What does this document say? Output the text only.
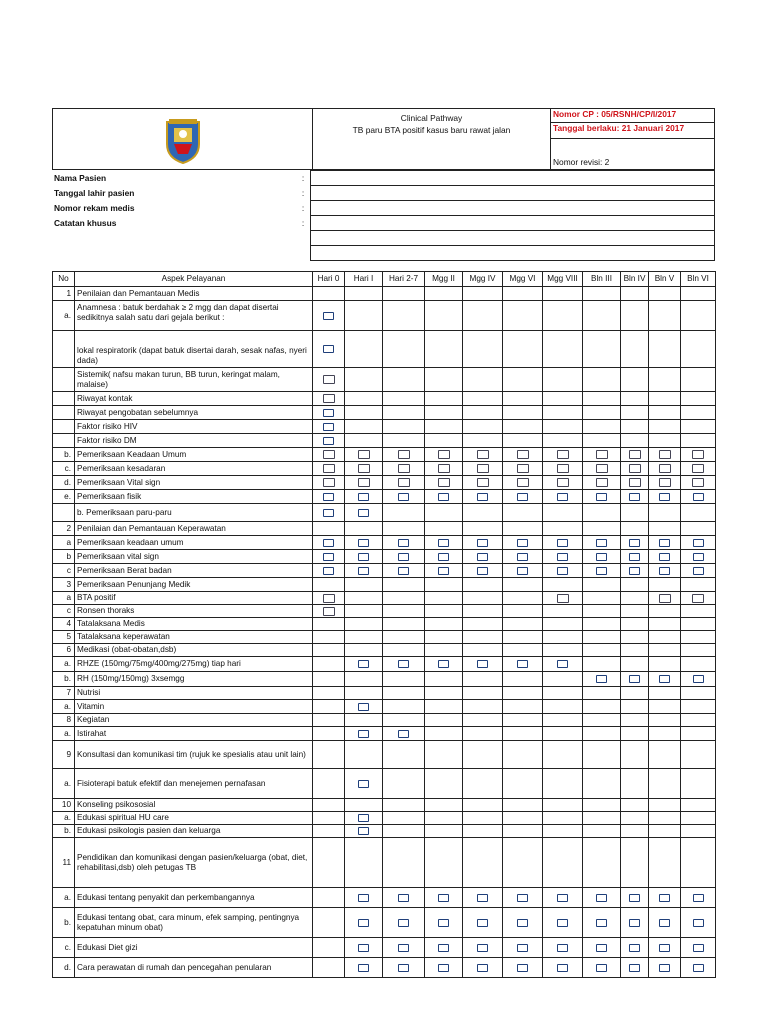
Clinical Pathway
TB paru BTA positif kasus baru rawat jalan
	Nomor CP : 05/RSNH/CP/I/2017
Tanggal berlaku: 21 Januari 2017

Nomor revisi: 2
Nama Pasien	:	
Tanggal lahir pasien	:	
Nomor rekam medis	:	
Catatan khusus	:	

No	Aspek Pelayanan	Hari 0	Hari I	Hari 2-7	Mgg II	Mgg IV	Mgg VI	Mgg VIII	Bln III	Bln IV	Bln V	Bln VI
1	Penilaian dan Pemantauan Medis											
a.	Anamnesa : batuk berdahak ≥ 2 mgg dan dapat disertai sedikitnya salah satu dari gejala berikut :											
	lokal respiratorik (dapat batuk disertai darah, sesak nafas, nyeri dada)											
	Sistemik( nafsu makan turun, BB turun, keringat malam, malaise)											
	Riwayat kontak											
	Riwayat pengobatan sebelumnya											
	Faktor risiko HIV											
	Faktor risiko DM											
b.	Pemeriksaan Keadaan Umum											
c.	Pemeriksaan kesadaran											
d.	Pemeriksaan Vital sign											
e.	Pemeriksaan fisik											
	b. Pemeriksaan paru-paru											
2	Penilaian dan Pemantauan Keperawatan											
a	Pemeriksaan keadaan umum											
b	Pemeriksaan vital sign											
c	Pemeriksaan Berat badan											
3	Pemeriksaan Penunjang Medik											
a	BTA positif											
c	Ronsen thoraks											
4	Tatalaksana Medis											
5	Tatalaksana keperawatan											
6	Medikasi (obat-obatan,dsb)											
a.	RHZE (150mg/75mg/400mg/275mg) tiap hari											
b.	RH (150mg/150mg) 3xsemgg											
7	Nutrisi											
a.	Vitamin											
8	Kegiatan											
a.	Istirahat											
9	Konsultasi dan komunikasi tim (rujuk ke spesialis atau unit lain)											
a.	Fisioterapi batuk efektif dan menejemen pernafasan											
10	Konseling psikososial											
a.	Edukasi spiritual HU care											
b.	Edukasi psikologis pasien dan keluarga											
11	Pendidikan dan komunikasi dengan pasien/keluarga (obat, diet, rehabilitasi,dsb) oleh petugas TB											
a.	Edukasi tentang penyakit dan perkembangannya											
b.	Edukasi tentang obat, cara minum, efek samping, pentingnya kepatuhan minum obat)											
c.	Edukasi Diet gizi											
d.	Cara perawatan di rumah dan pencegahan penularan											
